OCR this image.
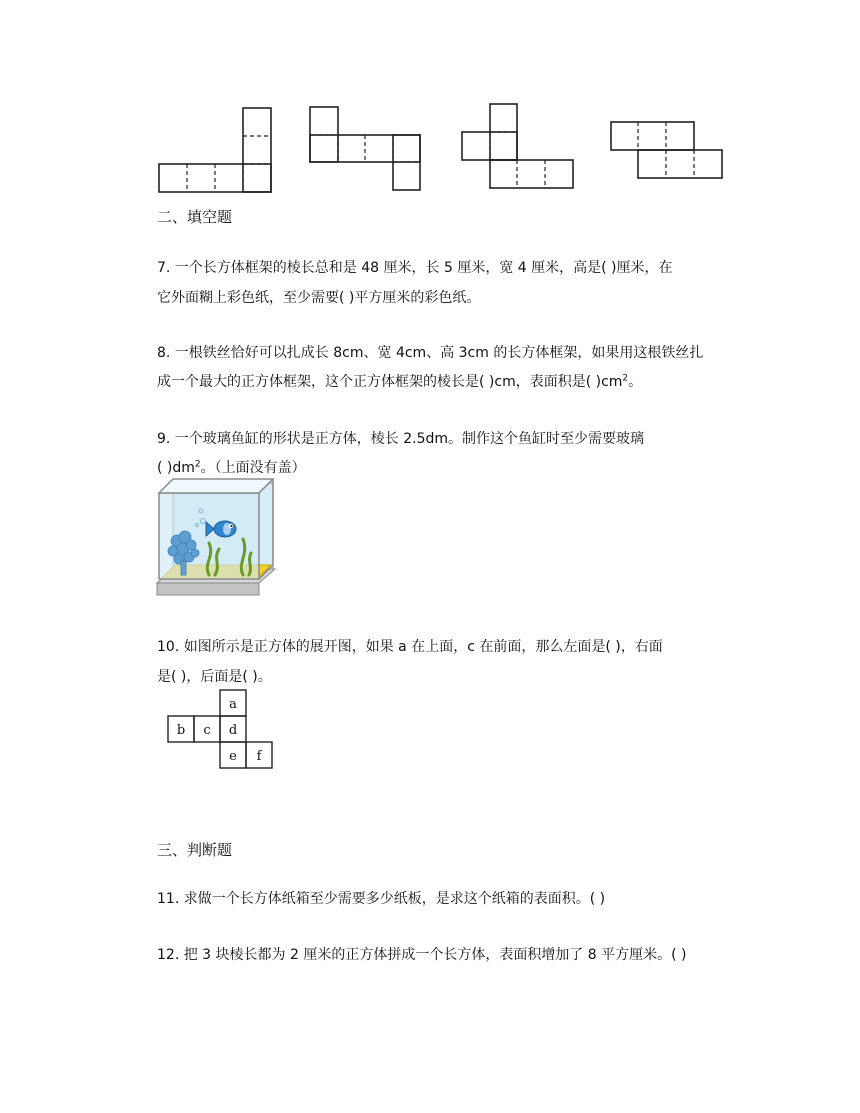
二、填空题
7. 一个长方体框架的棱长总和是 48 厘米，长 5 厘米，宽 4 厘米，高是( )厘米，在
它外面糊上彩色纸，至少需要( )平方厘米的彩色纸。
8. 一根铁丝恰好可以扎成长 8cm、宽 4cm、高 3cm 的长方体框架，如果用这根铁丝扎
成一个最大的正方体框架，这个正方体框架的棱长是( )cm，表面积是( )$cm^2$。
9. 一个玻璃鱼缸的形状是正方体，棱长 2.5dm。制作这个鱼缸时至少需要玻璃
( )$dm^2$。（上面没有盖）
10. 如图所示是正方体的展开图，如果 a 在上面，c 在前面，那么左面是( )，右面
是( )，后面是( )。
a
b c d
e f
三、判断题
11. 求做一个长方体纸箱至少需要多少纸板，是求这个纸箱的表面积。( )
12. 把 3 块棱长都为 2 厘米的正方体拼成一个长方体，表面积增加了 8 平方厘米。( )
